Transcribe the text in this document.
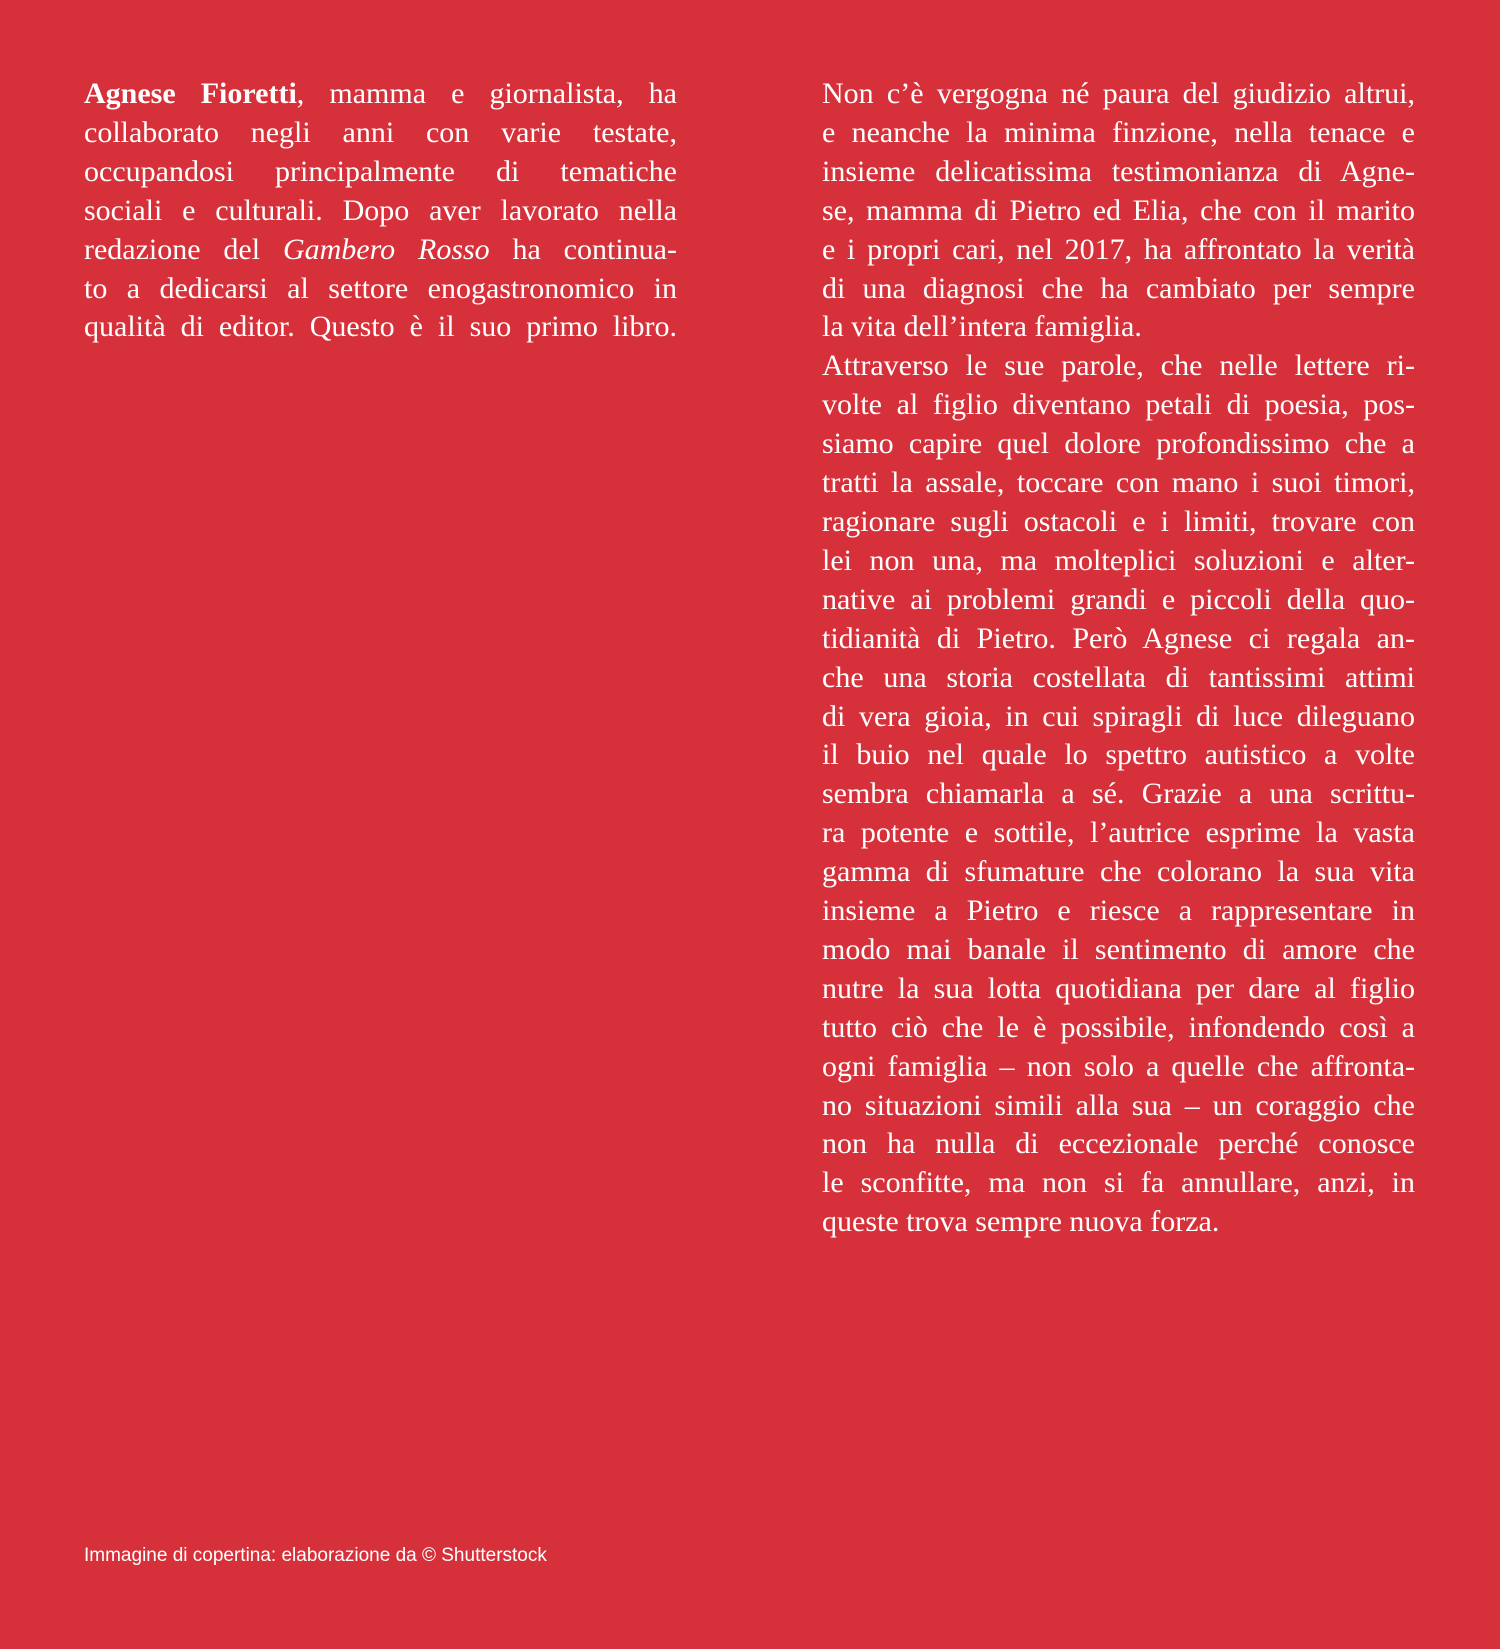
Agnese Fioretti, mamma e giornalista, ha
collaborato negli anni con varie testate,
occupandosi principalmente di tematiche
sociali e culturali. Dopo aver lavorato nella
redazione del Gambero Rosso ha continua-
to a dedicarsi al settore enogastronomico in
qualità di editor. Questo è il suo primo libro.

Non c’è vergogna né paura del giudizio altrui,
e neanche la minima finzione, nella tenace e
insieme delicatissima testimonianza di Agne-
se, mamma di Pietro ed Elia, che con il marito
e i propri cari, nel 2017, ha affrontato la verità
di una diagnosi che ha cambiato per sempre
la vita dell’intera famiglia.

Attraverso le sue parole, che nelle lettere ri-
volte al figlio diventano petali di poesia, pos-
siamo capire quel dolore profondissimo che a
tratti la assale, toccare con mano i suoi timori,
ragionare sugli ostacoli e i limiti, trovare con
lei non una, ma molteplici soluzioni e alter-
native ai problemi grandi e piccoli della quo-
tidianità di Pietro. Però Agnese ci regala an-
che una storia costellata di tantissimi attimi
di vera gioia, in cui spiragli di luce dileguano
il buio nel quale lo spettro autistico a volte
sembra chiamarla a sé. Grazie a una scrittu-
ra potente e sottile, l’autrice esprime la vasta
gamma di sfumature che colorano la sua vita
insieme a Pietro e riesce a rappresentare in
modo mai banale il sentimento di amore che
nutre la sua lotta quotidiana per dare al figlio
tutto ciò che le è possibile, infondendo così a
ogni famiglia – non solo a quelle che affronta-
no situazioni simili alla sua – un coraggio che
non ha nulla di eccezionale perché conosce
le sconfitte, ma non si fa annullare, anzi, in
queste trova sempre nuova forza.

Immagine di copertina: elaborazione da © Shutterstock
